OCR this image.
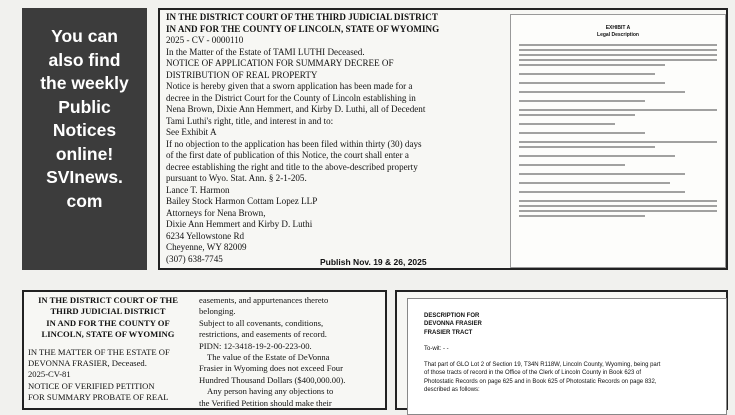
You can
also find
the weekly
Public
Notices
online!
SVInews.
com
IN THE DISTRICT COURT OF THE THIRD JUDICIAL DISTRICT
IN AND FOR THE COUNTY OF LINCOLN, STATE OF WYOMING
2025 - CV - 0000110
In the Matter of the Estate of TAMI LUTHI Deceased.
NOTICE OF APPLICATION FOR SUMMARY DECREE OF
DISTRIBUTION OF REAL PROPERTY
Notice is hereby given that a sworn application has been made for a
decree in the District Court for the County of Lincoln establishing in
Nena Brown, Dixie Ann Hemmert, and Kirby D. Luthi, all of Decedent
Tami Luthi's right, title, and interest in and to:
See Exhibit A
If no objection to the application has been filed within thirty (30) days
of the first date of publication of this Notice, the court shall enter a
decree establishing the right and title to the above-described property
pursuant to Wyo. Stat. Ann. § 2-1-205.
Lance T. Harmon
Bailey Stock Harmon Cottam Lopez LLP
Attorneys for Nena Brown,
Dixie Ann Hemmert and Kirby D. Luthi
6234 Yellowstone Rd
Cheyenne, WY 82009
(307) 638-7745	Publish Nov. 19 & 26, 2025
EXHIBIT A
Legal Description
IN THE DISTRICT COURT OF THE
THIRD JUDICIAL DISTRICT
IN AND FOR THE COUNTY OF
LINCOLN, STATE OF WYOMING
IN THE MATTER OF THE ESTATE OF
DEVONNA FRASIER, Deceased.
2025-CV-81
NOTICE OF VERIFIED PETITION
FOR SUMMARY PROBATE OF REAL
easements, and appurtenances thereto
belonging.
Subject to all covenants, conditions,
restrictions, and easements of record.
PIDN: 12-3418-19-2-00-223-00.
The value of the Estate of DeVonna
Frasier in Wyoming does not exceed Four
Hundred Thousand Dollars ($400,000.00).
Any person having any objections to
the Verified Petition should make their
DESCRIPTION FOR
DEVONNA FRASIER
FRASIER TRACT
To-wit: - -
That part of GLO Lot 2 of Section 19, T34N R118W, Lincoln County, Wyoming, being part
of those tracts of record in the Office of the Clerk of Lincoln County in Book 623 of
Photostatic Records on page 625 and in Book 625 of Photostatic Records on page 832,
described as follows:
